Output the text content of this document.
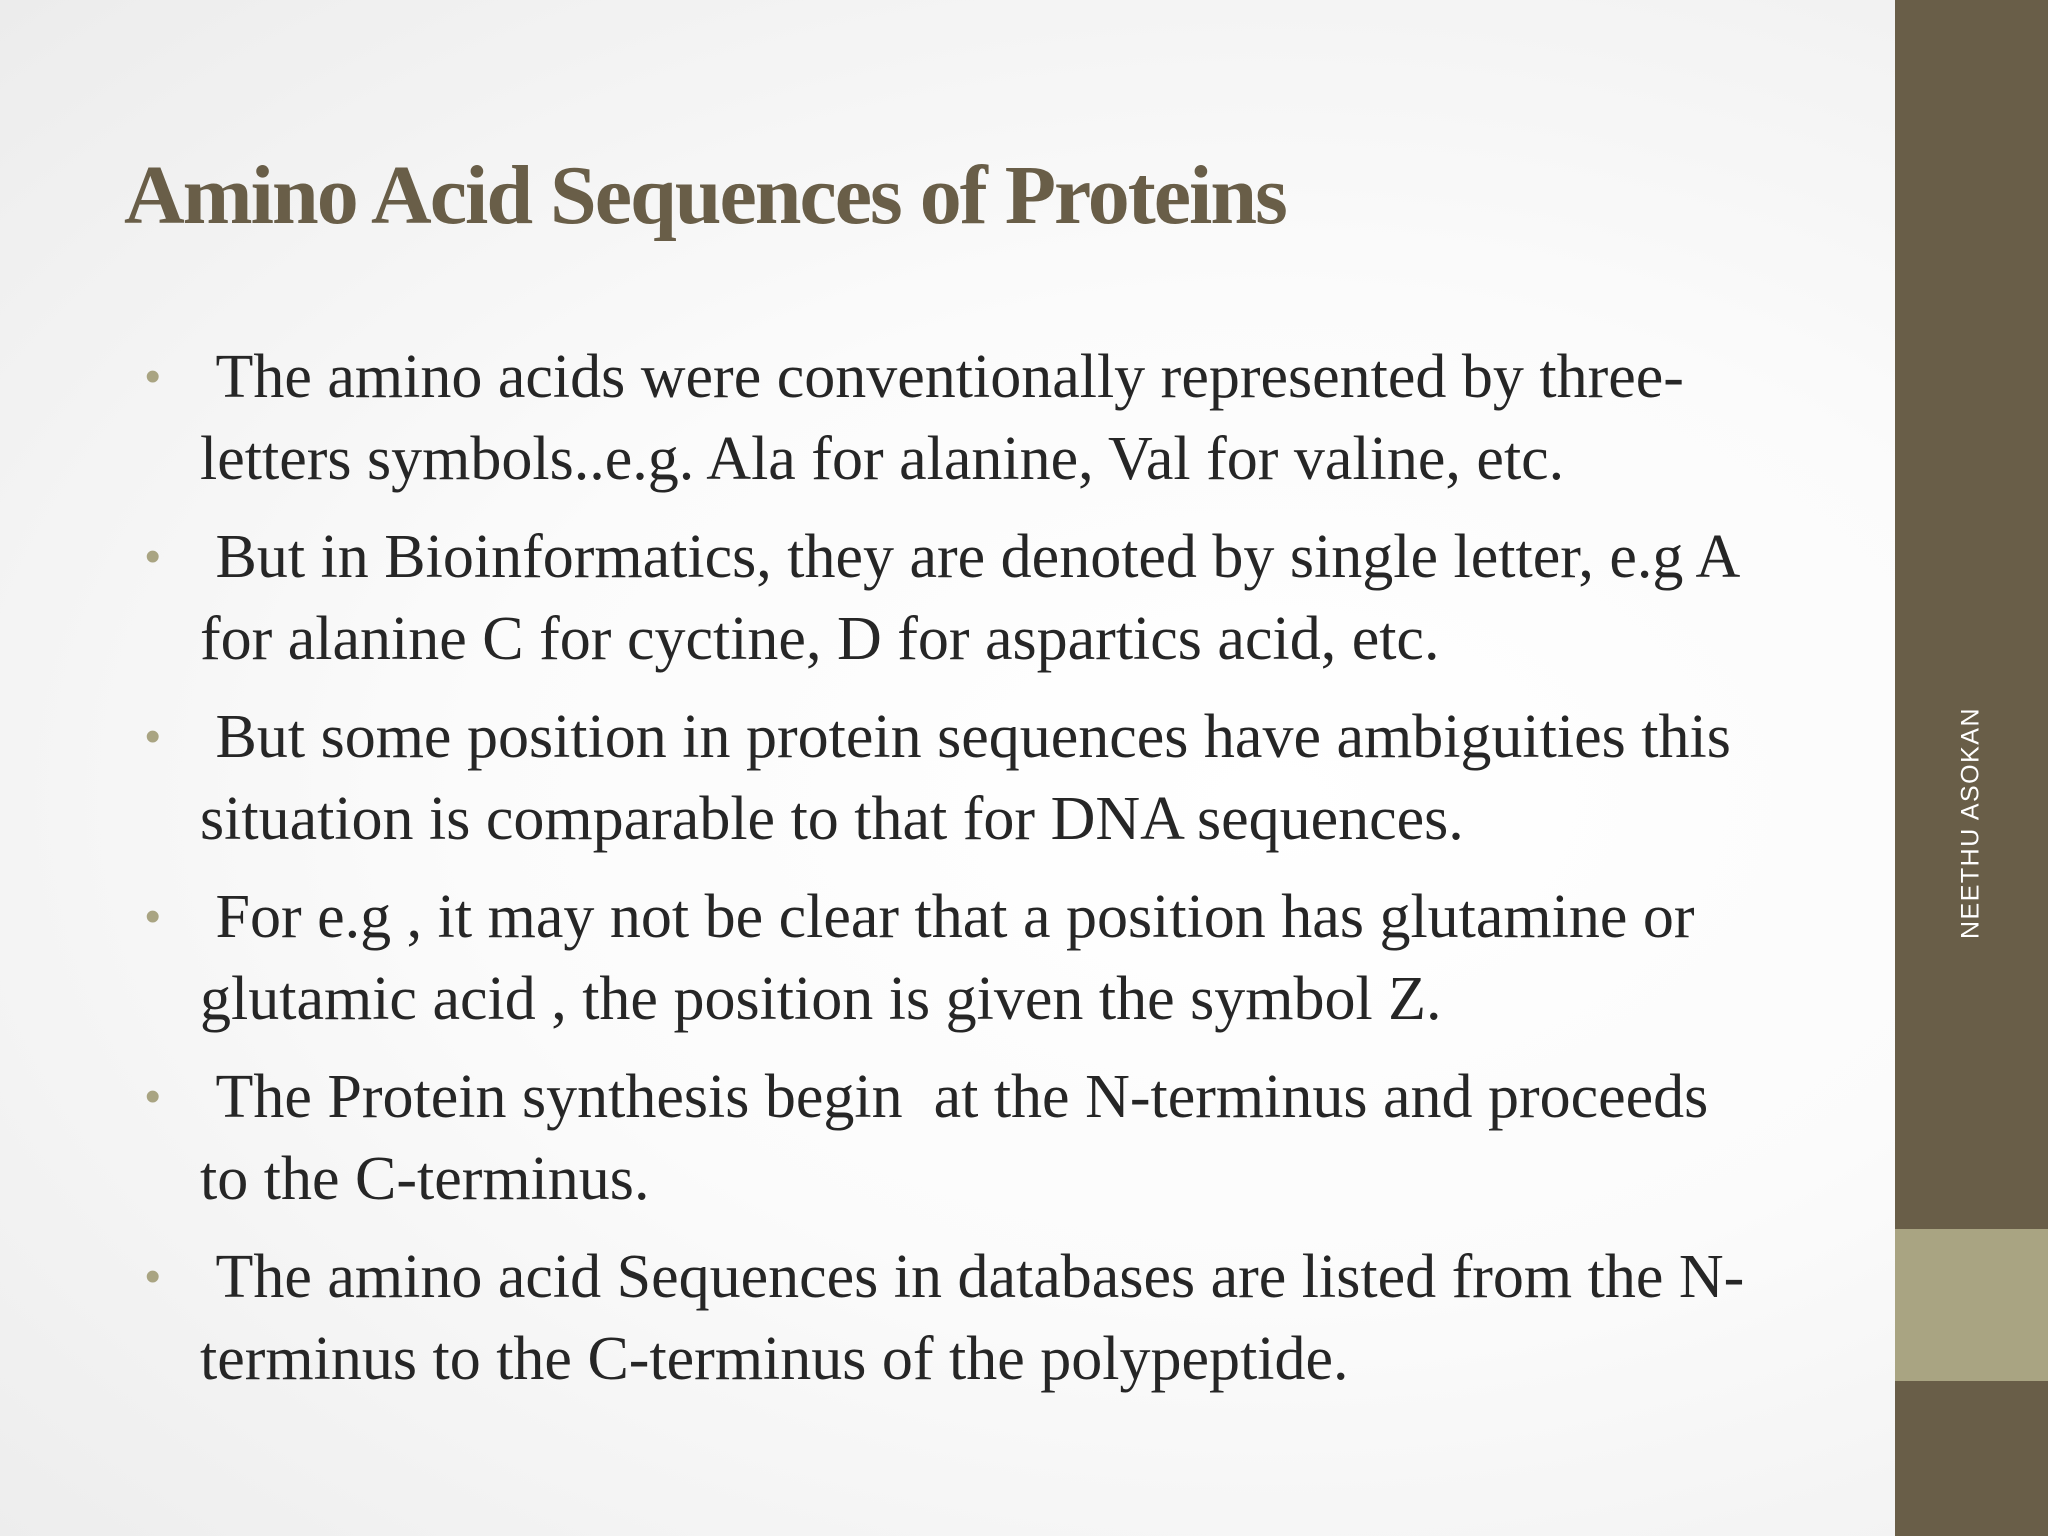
Amino Acid Sequences of Proteins
• The amino acids were conventionally represented by three-
letters symbols..e.g. Ala for alanine, Val for valine, etc.
• But in Bioinformatics, they are denoted by single letter, e.g A
for alanine C for cyctine, D for aspartics acid, etc.
• But some position in protein sequences have ambiguities this
situation is comparable to that for DNA sequences.
• For e.g , it may not be clear that a position has glutamine or
glutamic acid , the position is given the symbol Z.
• The Protein synthesis begin  at the N-terminus and proceeds
to the C-terminus.
• The amino acid Sequences in databases are listed from the N-
terminus to the C-terminus of the polypeptide.
NEETHU ASOKAN
